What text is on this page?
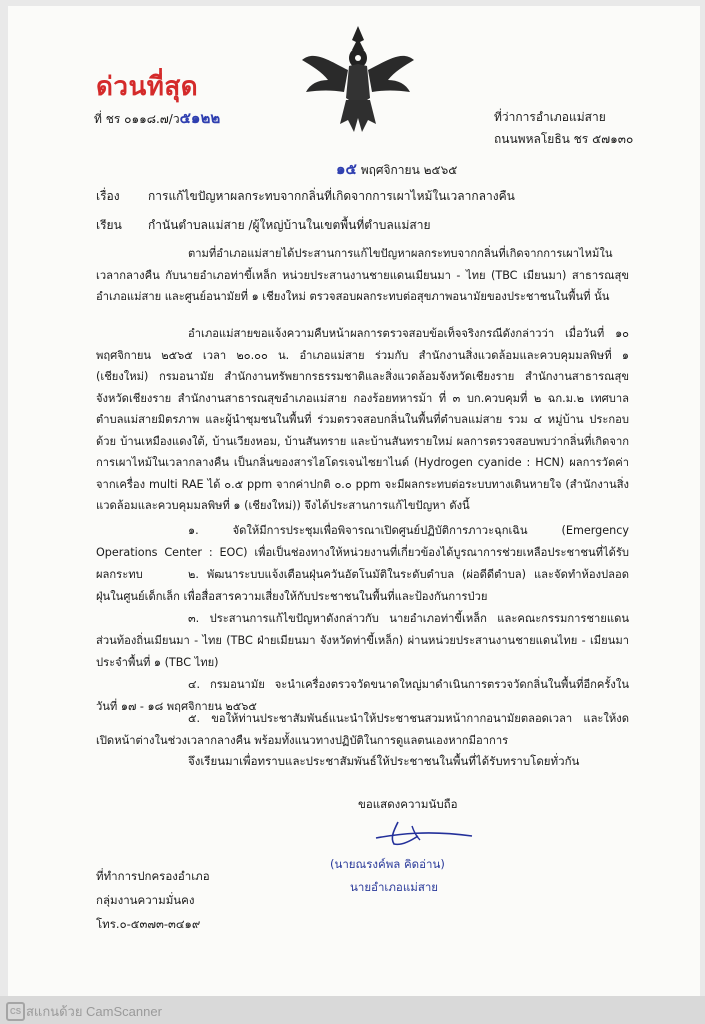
ด่วนที่สุด
ที่ ชร ๐๑๑๘.๗/ว๕๑๒๒	ที่ว่าการอำเภอแม่สาย
ถนนพหลโยธิน ชร ๕๗๑๓๐
๑๕ พฤศจิกายน ๒๕๖๕
เรื่อง	การแก้ไขปัญหาผลกระทบจากกลิ่นที่เกิดจากการเผาไหม้ในเวลากลางคืน
เรียน	กำนันตำบลแม่สาย /ผู้ใหญ่บ้านในเขตพื้นที่ตำบลแม่สาย
ตามที่อำเภอแม่สายได้ประสานการแก้ไขปัญหาผลกระทบจากกลิ่นที่เกิดจากการเผาไหม้ในเวลากลางคืน กับนายอำเภอท่าขี้เหล็ก หน่วยประสานงานชายแดนเมียนมา - ไทย (TBC เมียนมา) สาธารณสุขอำเภอแม่สาย และศูนย์อนามัยที่ ๑ เชียงใหม่ ตรวจสอบผลกระทบต่อสุขภาพอนามัยของประชาชนในพื้นที่ นั้น
อำเภอแม่สายขอแจ้งความคืบหน้าผลการตรวจสอบข้อเท็จจริงกรณีดังกล่าวว่า เมื่อวันที่ ๑๐ พฤศจิกายน ๒๕๖๕ เวลา ๒๐.๐๐ น. อำเภอแม่สาย ร่วมกับ สำนักงานสิ่งแวดล้อมและควบคุมมลพิษที่ ๑ (เชียงใหม่) กรมอนามัย สำนักงานทรัพยากรธรรมชาติและสิ่งแวดล้อมจังหวัดเชียงราย สำนักงานสาธารณสุขจังหวัดเชียงราย สำนักงานสาธารณสุขอำเภอแม่สาย กองร้อยทหารม้า ที่ ๓ บก.ควบคุมที่ ๒ ฉก.ม.๒ เทศบาลตำบลแม่สายมิตรภาพ และผู้นำชุมชนในพื้นที่ ร่วมตรวจสอบกลิ่นในพื้นที่ตำบลแม่สาย รวม ๔ หมู่บ้าน ประกอบด้วย บ้านเหมืองแดงใต้, บ้านเวียงหอม, บ้านสันทราย และบ้านสันทรายใหม่ ผลการตรวจสอบพบว่ากลิ่นที่เกิดจากการเผาไหม้ในเวลากลางคืน เป็นกลิ่นของสารไฮโดรเจนไซยาไนด์ (Hydrogen cyanide : HCN) ผลการวัดค่าจากเครื่อง multi RAE ได้ ๐.๕ ppm จากค่าปกติ ๐.๐ ppm จะมีผลกระทบต่อระบบทางเดินหายใจ (สำนักงานสิ่งแวดล้อมและควบคุมมลพิษที่ ๑ (เชียงใหม่)) จึงได้ประสานการแก้ไขปัญหา ดังนี้
๑. จัดให้มีการประชุมเพื่อพิจารณาเปิดศูนย์ปฏิบัติการภาวะฉุกเฉิน (Emergency Operations Center : EOC) เพื่อเป็นช่องทางให้หน่วยงานที่เกี่ยวข้องได้บูรณาการช่วยเหลือประชาชนที่ได้รับผลกระทบ	๒. พัฒนาระบบแจ้งเตือนฝุ่นควันอัตโนมัติในระดับตำบล (ผ่อดีดีตำบล) และจัดทำห้องปลอดฝุ่นในศูนย์เด็กเล็ก เพื่อสื่อสารความเสี่ยงให้กับประชาชนในพื้นที่และป้องกันการป่วย
๓. ประสานการแก้ไขปัญหาดังกล่าวกับ นายอำเภอท่าขี้เหล็ก และคณะกรรมการชายแดนส่วนท้องถิ่นเมียนมา - ไทย (TBC ฝ่ายเมียนมา จังหวัดท่าขี้เหล็ก) ผ่านหน่วยประสานงานชายแดนไทย - เมียนมา ประจำพื้นที่ ๑ (TBC ไทย)
๔. กรมอนามัย จะนำเครื่องตรวจวัดขนาดใหญ่มาดำเนินการตรวจวัดกลิ่นในพื้นที่อีกครั้งในวันที่ ๑๗ - ๑๘ พฤศจิกายน ๒๕๖๕
๕. ขอให้ท่านประชาสัมพันธ์แนะนำให้ประชาชนสวมหน้ากากอนามัยตลอดเวลา และให้งดเปิดหน้าต่างในช่วงเวลากลางคืน พร้อมทั้งแนวทางปฏิบัติในการดูแลตนเองหากมีอาการ
จึงเรียนมาเพื่อทราบและประชาสัมพันธ์ให้ประชาชนในพื้นที่ได้รับทราบโดยทั่วกัน
ขอแสดงความนับถือ
(นายณรงค์พล คิดอ่าน)
นายอำเภอแม่สาย
ที่ทำการปกครองอำเภอ
กลุ่มงานความมั่นคง
โทร.๐-๕๓๗๓-๓๔๑๙
CS สแกนด้วย CamScanner
